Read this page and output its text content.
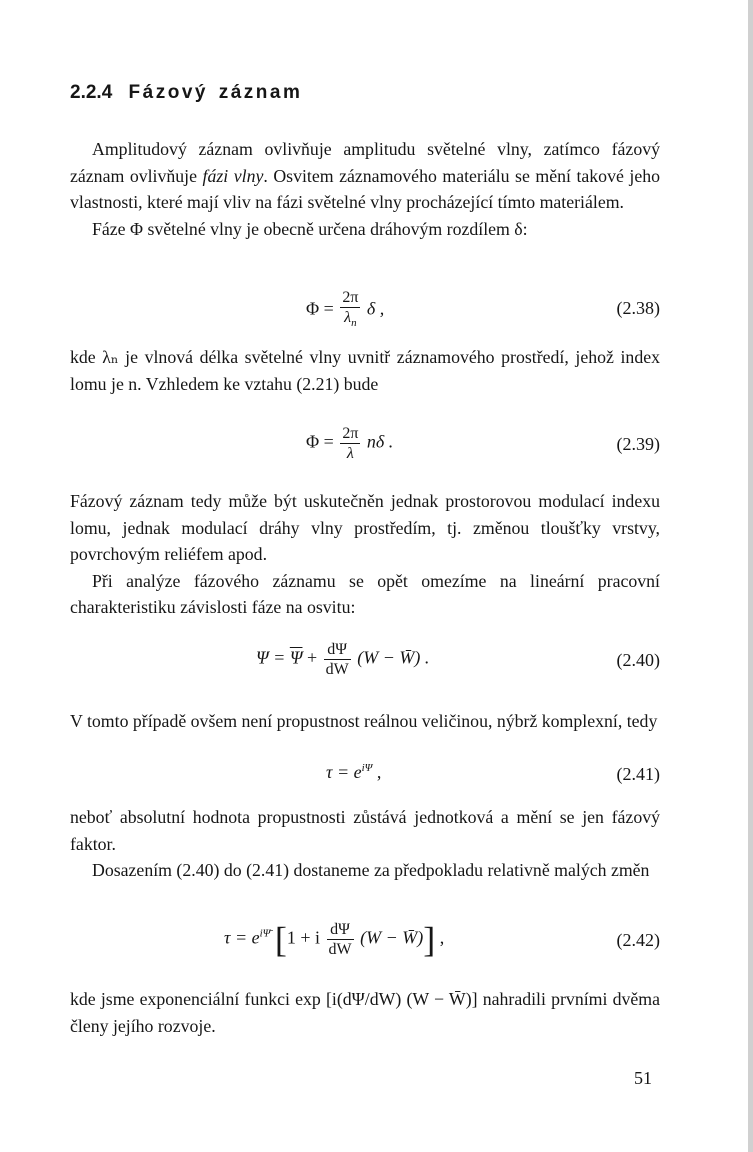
2.2.4 Fázový záznam

Amplitudový záznam ovlivňuje amplitudu světelné vlny, zatímco fázový záznam ovlivňuje fázi vlny. Osvitem záznamového materiálu se mění takové jeho vlastnosti, které mají vliv na fázi světelné vlny procházející tímto materiálem.

Fáze Φ světelné vlny je obecně určena dráhovým rozdílem δ:

$\Phi = \frac{2\pi}{\lambda_n}$ δ ,	(2.38)

kde λₙ je vlnová délka světelné vlny uvnitř záznamového prostředí, jehož index lomu je n. Vzhledem ke vztahu (2.21) bude

$\Phi = \frac{2\pi}{\lambda}$ nδ .	(2.39)

Fázový záznam tedy může být uskutečněn jednak prostorovou modulací indexu lomu, jednak modulací dráhy vlny prostředím, tj. změnou tloušťky vrstvy, povrchovým reliéfem apod.

Při analýze fázového záznamu se opět omezíme na lineární pracovní charakteristiku závislosti fáze na osvitu:

$\Psi = \overline{\Psi} + \frac{d\Psi}{dW} (W$ − W̄) .	(2.40)

V tomto případě ovšem není propustnost reálnou veličinou, nýbrž komplexní, tedy

$\tau = e^{i\Psi}$ ,	(2.41)

neboť absolutní hodnota propustnosti zůstává jednotková a mění se jen fázový faktor.

Dosazením (2.40) do (2.41) dostaneme za předpokladu relativně malých změn

$\tau = e^{i\Psī}$ [1 + i $\frac{d\Psi}{dW} (W$ − W̄)] ,	(2.42)

kde jsme exponenciální funkci exp [i(dΨ/dW) (W − W̄)] nahradili prvními dvěma členy jejího rozvoje.

51
